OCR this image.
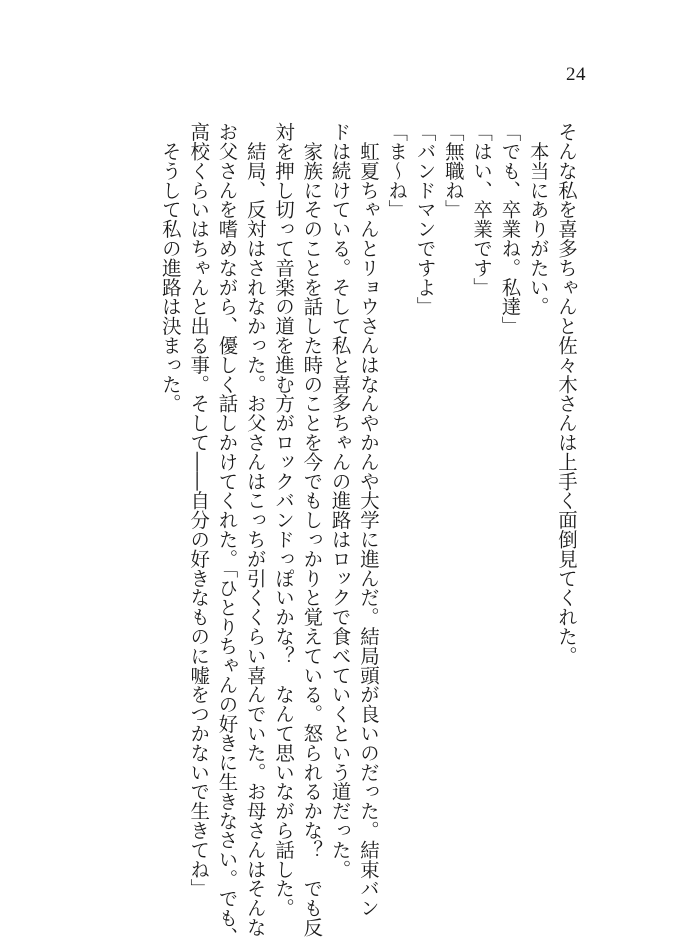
24

そんな私を喜多ちゃんと佐々木さんは上手く面倒見てくれた。

　本当にありがたい。

「でも、卒業ね。私達」

「はい、卒業です」

「無職ね」

「バンドマンですよ」

「ま～ね」

　虹夏ちゃんとリョウさんはなんやかんや大学に進んだ。結局頭が良いのだった。結束バン

ドは続けている。そして私と喜多ちゃんの進路はロックで食べていくという道だった。

　家族にそのことを話した時のことを今でもしっかりと覚えている。怒られるかな？　でも反

対を押し切って音楽の道を進む方がロックバンドっぽいかな？　なんて思いながら話した。

　結局、反対はされなかった。お父さんはこっちが引くくらい喜んでいた。お母さんはそんな

お父さんを嗜めながら、優しく話しかけてくれた。「ひとりちゃんの好きに生きなさい。でも、

高校くらいはちゃんと出る事。そして――自分の好きなものに嘘をつかないで生きてね」

　そうして私の進路は決まった。
